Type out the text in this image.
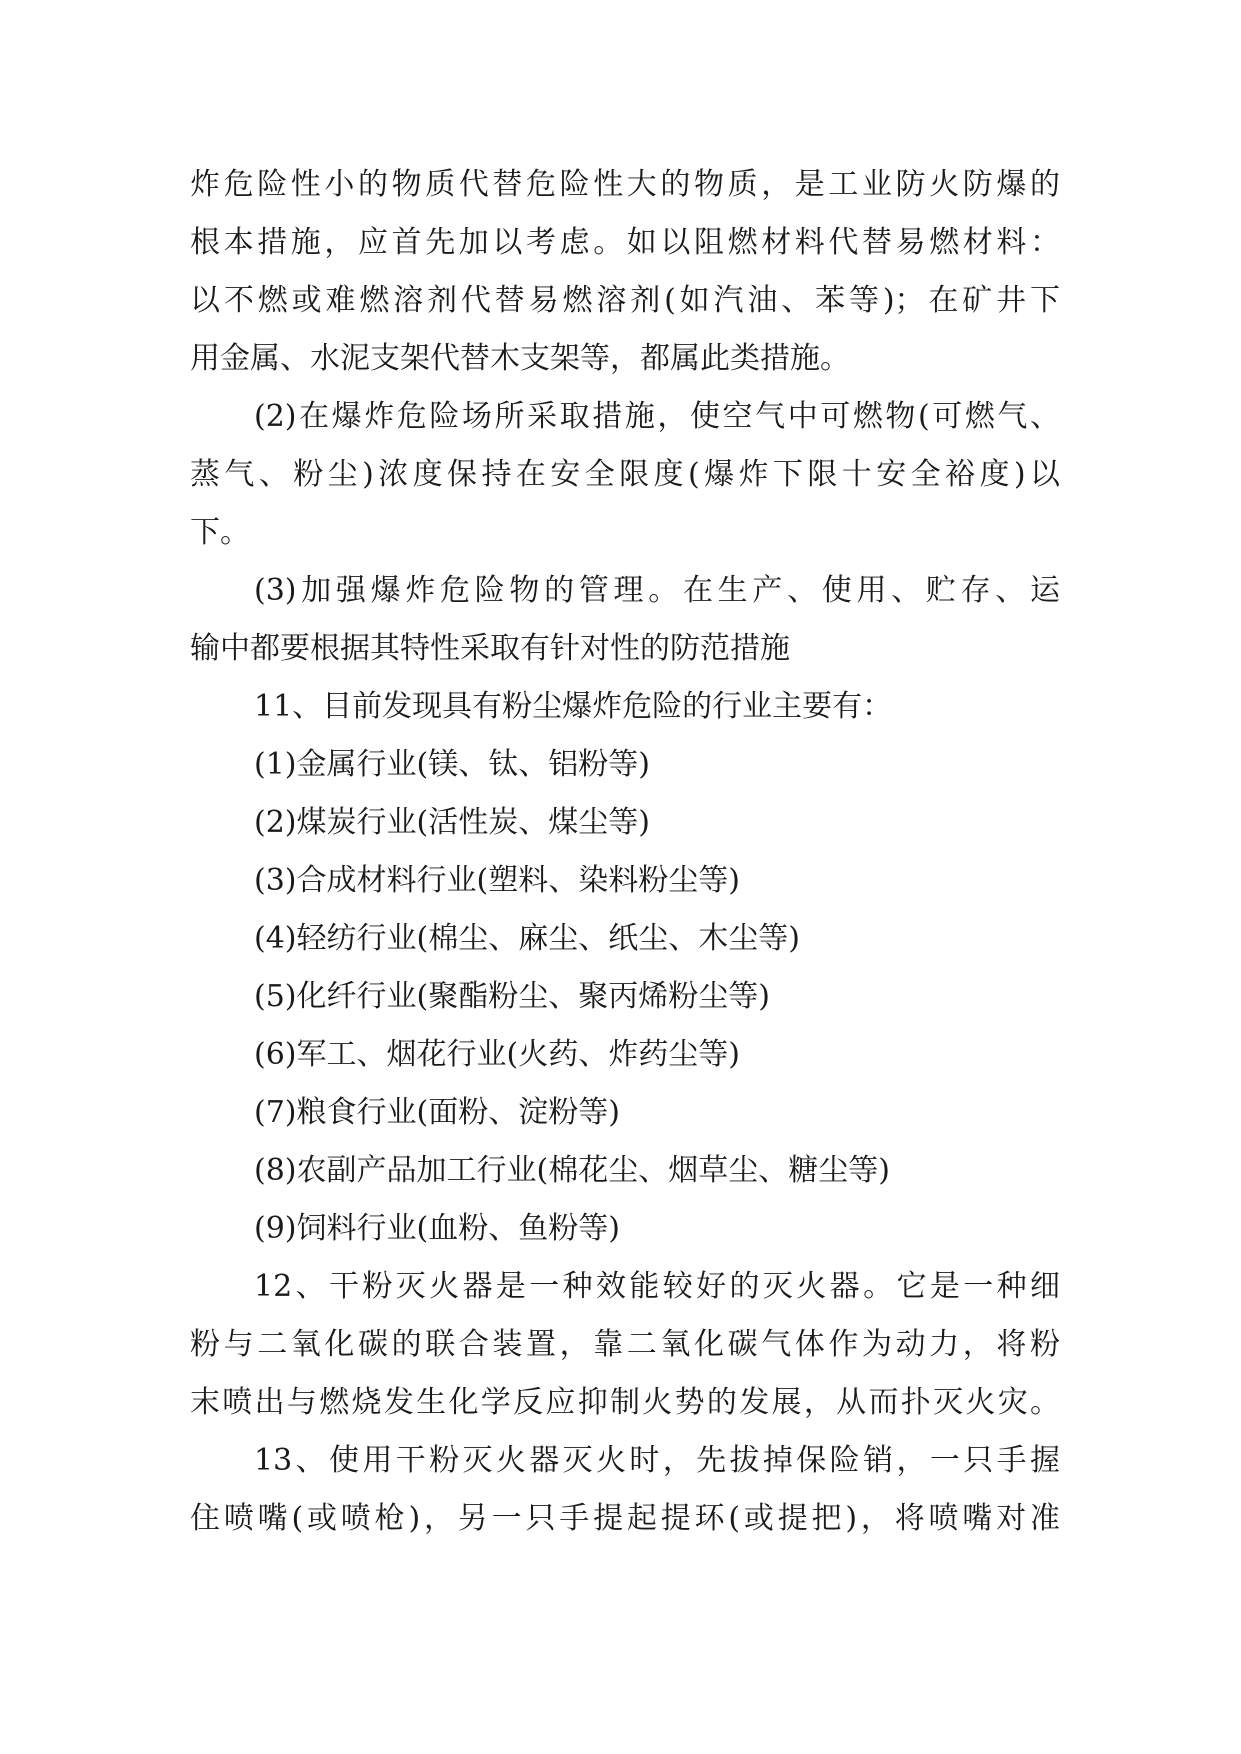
炸危险性小的物质代替危险性大的物质，是工业防火防爆的
根本措施，应首先加以考虑。如以阻燃材料代替易燃材料：
以不燃或难燃溶剂代替易燃溶剂(如汽油、苯等)；在矿井下
用金属、水泥支架代替木支架等，都属此类措施。
(2)在爆炸危险场所采取措施，使空气中可燃物(可燃气、
蒸气、粉尘)浓度保持在安全限度(爆炸下限十安全裕度)以
下。
(3)加强爆炸危险物的管理。在生产、使用、贮存、运
输中都要根据其特性采取有针对性的防范措施
11、目前发现具有粉尘爆炸危险的行业主要有：
(1)金属行业(镁、钛、铝粉等)
(2)煤炭行业(活性炭、煤尘等)
(3)合成材料行业(塑料、染料粉尘等)
(4)轻纺行业(棉尘、麻尘、纸尘、木尘等)
(5)化纤行业(聚酯粉尘、聚丙烯粉尘等)
(6)军工、烟花行业(火药、炸药尘等)
(7)粮食行业(面粉、淀粉等)
(8)农副产品加工行业(棉花尘、烟草尘、糖尘等)
(9)饲料行业(血粉、鱼粉等)
12、干粉灭火器是一种效能较好的灭火器。它是一种细
粉与二氧化碳的联合装置，靠二氧化碳气体作为动力，将粉
末喷出与燃烧发生化学反应抑制火势的发展，从而扑灭火灾。
13、使用干粉灭火器灭火时，先拔掉保险销，一只手握
住喷嘴(或喷枪)，另一只手提起提环(或提把)，将喷嘴对准
